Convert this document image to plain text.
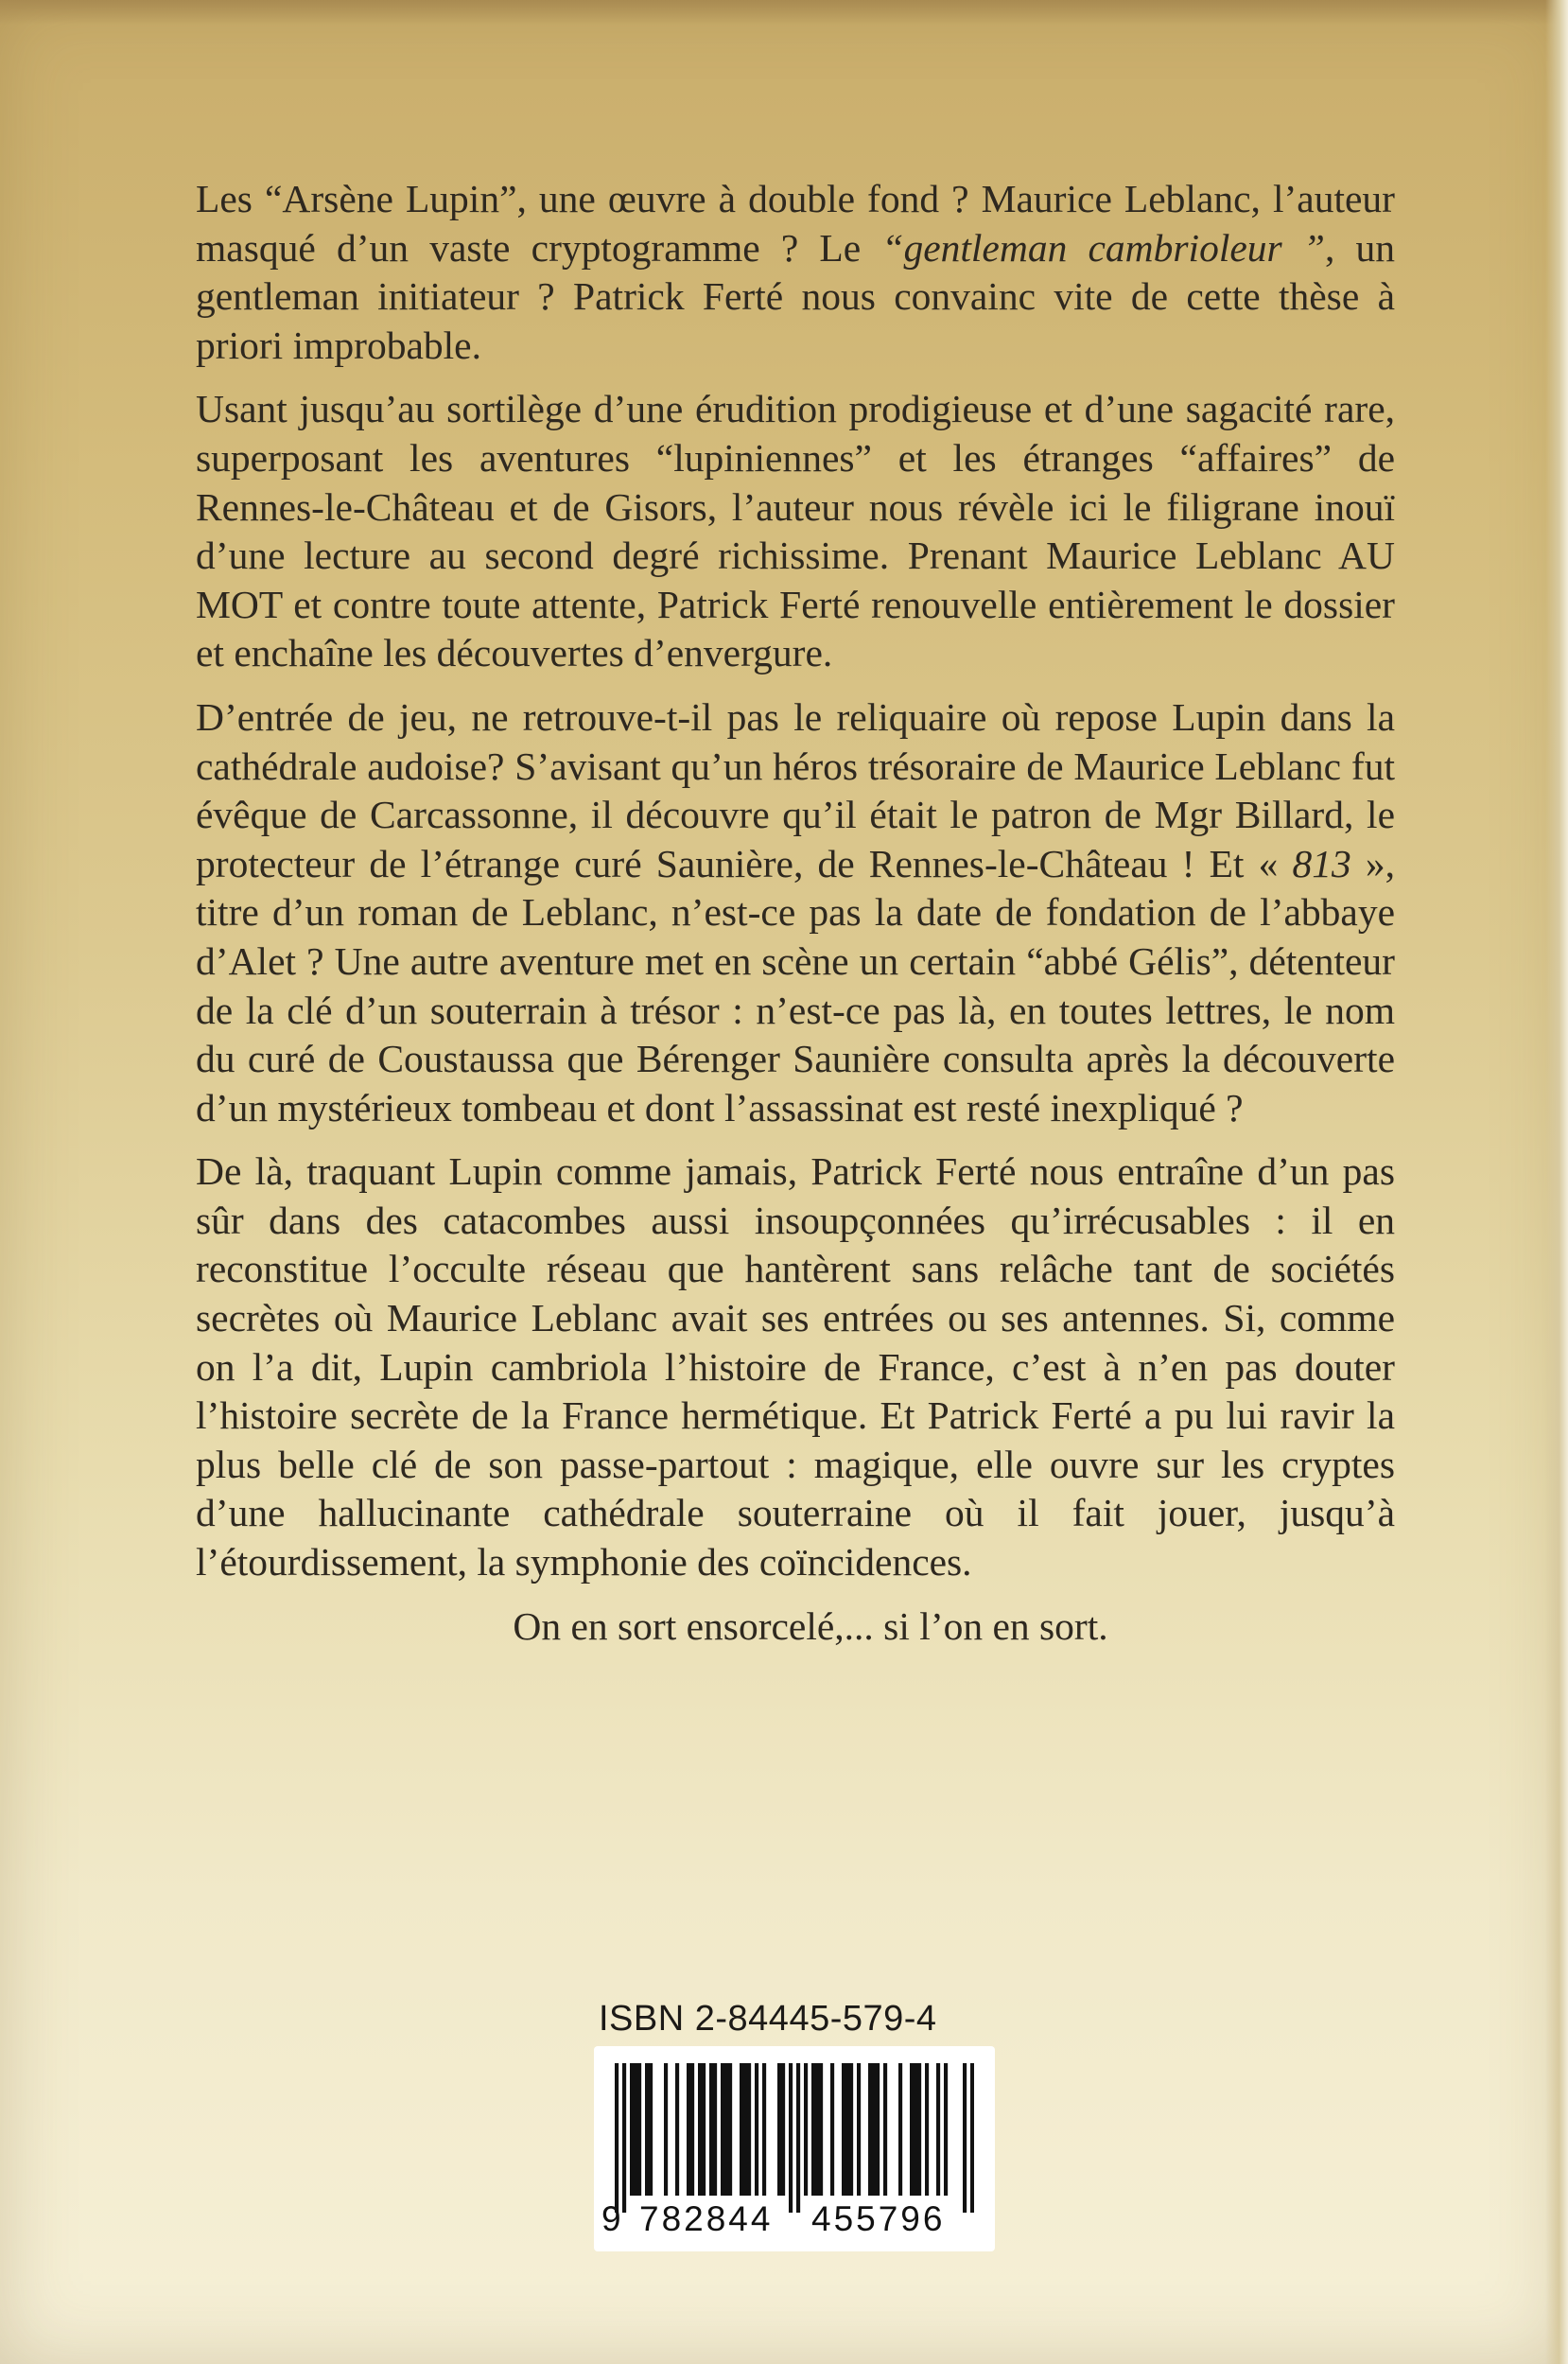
Les “Arsène Lupin”, une œuvre à double fond ? Maurice Leblanc, l’auteur masqué d’un vaste cryptogramme ? Le “gentleman cambrioleur ”, un gentleman initiateur ? Patrick Ferté nous convainc vite de cette thèse à priori improbable.

Usant jusqu’au sortilège d’une érudition prodigieuse et d’une sagacité rare, superposant les aventures “lupiniennes” et les étranges “affaires” de Rennes-le-Château et de Gisors, l’auteur nous révèle ici le filigrane inouï d’une lecture au second degré richissime. Prenant Maurice Leblanc AU MOT et contre toute attente, Patrick Ferté renouvelle entièrement le dossier et enchaîne les découvertes d’envergure.

D’entrée de jeu, ne retrouve-t-il pas le reliquaire où repose Lupin dans la cathédrale audoise? S’avisant qu’un héros trésoraire de Maurice Leblanc fut évêque de Carcassonne, il découvre qu’il était le patron de Mgr Billard, le protecteur de l’étrange curé Saunière, de Rennes-le-Château ! Et « 813 », titre d’un roman de Leblanc, n’est-ce pas la date de fondation de l’abbaye d’Alet ? Une autre aventure met en scène un certain “abbé Gélis”, détenteur de la clé d’un souterrain à trésor : n’est-ce pas là, en toutes lettres, le nom du curé de Coustaussa que Bérenger Saunière consulta après la découverte d’un mystérieux tombeau et dont l’assassinat est resté inexpliqué ?

De là, traquant Lupin comme jamais, Patrick Ferté nous entraîne d’un pas sûr dans des catacombes aussi insoupçonnées qu’irrécusables : il en reconstitue l’occulte réseau que hantèrent sans relâche tant de sociétés secrètes où Maurice Leblanc avait ses entrées ou ses antennes. Si, comme on l’a dit, Lupin cambriola l’histoire de France, c’est à n’en pas douter l’histoire secrète de la France hermétique. Et Patrick Ferté a pu lui ravir la plus belle clé de son passe-partout : magique, elle ouvre sur les cryptes d’une hallucinante cathédrale souterraine où il fait jouer, jusqu’à l’étourdissement, la symphonie des coïncidences.

On en sort ensorcelé,... si l’on en sort.

ISBN 2-84445-579-4
9 782844 455796
